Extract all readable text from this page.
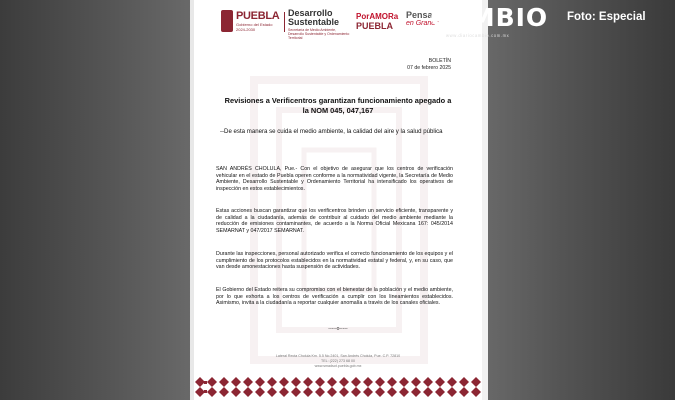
PUEBLA
Gobierno del Estado 2024-2030
Desarrollo Sustentable
Secretaría de Medio Ambiente, Desarrollo Sustentable y Ordenamiento Territorial
PorAMORa
PUEBLA
Pensar
en Grande
BOLETÍN
07 de febrero 2025
Revisiones a Verificentros garantizan funcionamiento apegado a la NOM 045, 047,167
--De esta manera se cuida el medio ambiente, la calidad del aire y la salud pública
SAN ANDRÉS CHOLULA, Pue.- Con el objetivo de asegurar que los centros de verificación vehicular en el estado de Puebla operen conforme a la normatividad vigente, la Secretaría de Medio Ambiente, Desarrollo Sustentable y Ordenamiento Territorial ha intensificado los operativos de inspección en estos establecimientos.
Estas acciones buscan garantizar que los verificentros brinden un servicio eficiente, transparente y de calidad a la ciudadanía, además de contribuir al cuidado del medio ambiente mediante la reducción de emisiones contaminantes, de acuerdo a la Norma Oficial Mexicana 167: 045/2014 SEMARNAT y 047/2017 SEMARNAT.
Durante las inspecciones, personal autorizado verifica el correcto funcionamiento de los equipos y el cumplimiento de los protocolos establecidos en la normatividad estatal y federal, y, en su caso, que van desde amonestaciones hasta suspensión de actividades.
El Gobierno del Estado reitera su compromiso con el bienestar de la población y el medio ambiente, por lo que exhorta a los centros de verificación a cumplir con los lineamientos establecidos. Asimismo, invita a la ciudadanía a reportar cualquier anomalía a través de los canales oficiales.
-----o-----
Lateral Recta Cholula Km. 5.5 No.2401, San Andrés Cholula, Pue. C.P. 72810
TEL: (222) 273 68 00
www.smadsot.puebla.gob.mx
CAMBIO
www.diariocambio.com.mx
Foto: Especial
